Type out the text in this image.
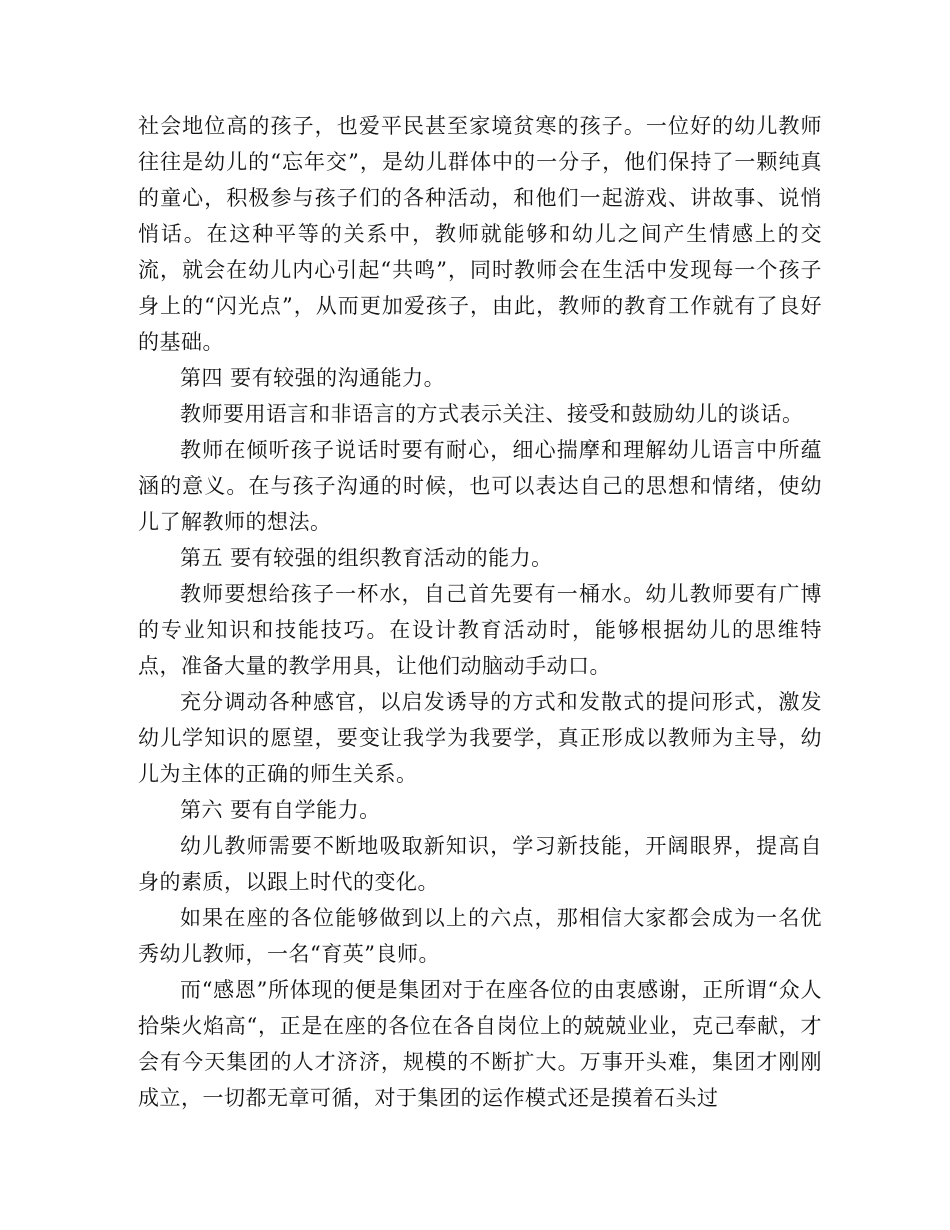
社会地位高的孩子，也爱平民甚至家境贫寒的孩子。一位好的幼儿教师往往是幼儿的“忘年交”，是幼儿群体中的一分子，他们保持了一颗纯真的童心，积极参与孩子们的各种活动，和他们一起游戏、讲故事、说悄悄话。在这种平等的关系中，教师就能够和幼儿之间产生情感上的交流，就会在幼儿内心引起“共鸣”，同时教师会在生活中发现每一个孩子身上的“闪光点”，从而更加爱孩子，由此，教师的教育工作就有了良好的基础。

第四 要有较强的沟通能力。

教师要用语言和非语言的方式表示关注、接受和鼓励幼儿的谈话。

教师在倾听孩子说话时要有耐心，细心揣摩和理解幼儿语言中所蕴涵的意义。在与孩子沟通的时候，也可以表达自己的思想和情绪，使幼儿了解教师的想法。

第五 要有较强的组织教育活动的能力。

教师要想给孩子一杯水，自己首先要有一桶水。幼儿教师要有广博的专业知识和技能技巧。在设计教育活动时，能够根据幼儿的思维特点，准备大量的教学用具，让他们动脑动手动口。

充分调动各种感官，以启发诱导的方式和发散式的提问形式，激发幼儿学知识的愿望，要变让我学为我要学，真正形成以教师为主导，幼儿为主体的正确的师生关系。

第六 要有自学能力。

幼儿教师需要不断地吸取新知识，学习新技能，开阔眼界，提高自身的素质，以跟上时代的变化。

如果在座的各位能够做到以上的六点，那相信大家都会成为一名优秀幼儿教师，一名“育英”良师。

而“感恩”所体现的便是集团对于在座各位的由衷感谢，正所谓“众人拾柴火焰高“，正是在座的各位在各自岗位上的兢兢业业，克己奉献，才会有今天集团的人才济济，规模的不断扩大。万事开头难，集团才刚刚成立，一切都无章可循，对于集团的运作模式还是摸着石头过
